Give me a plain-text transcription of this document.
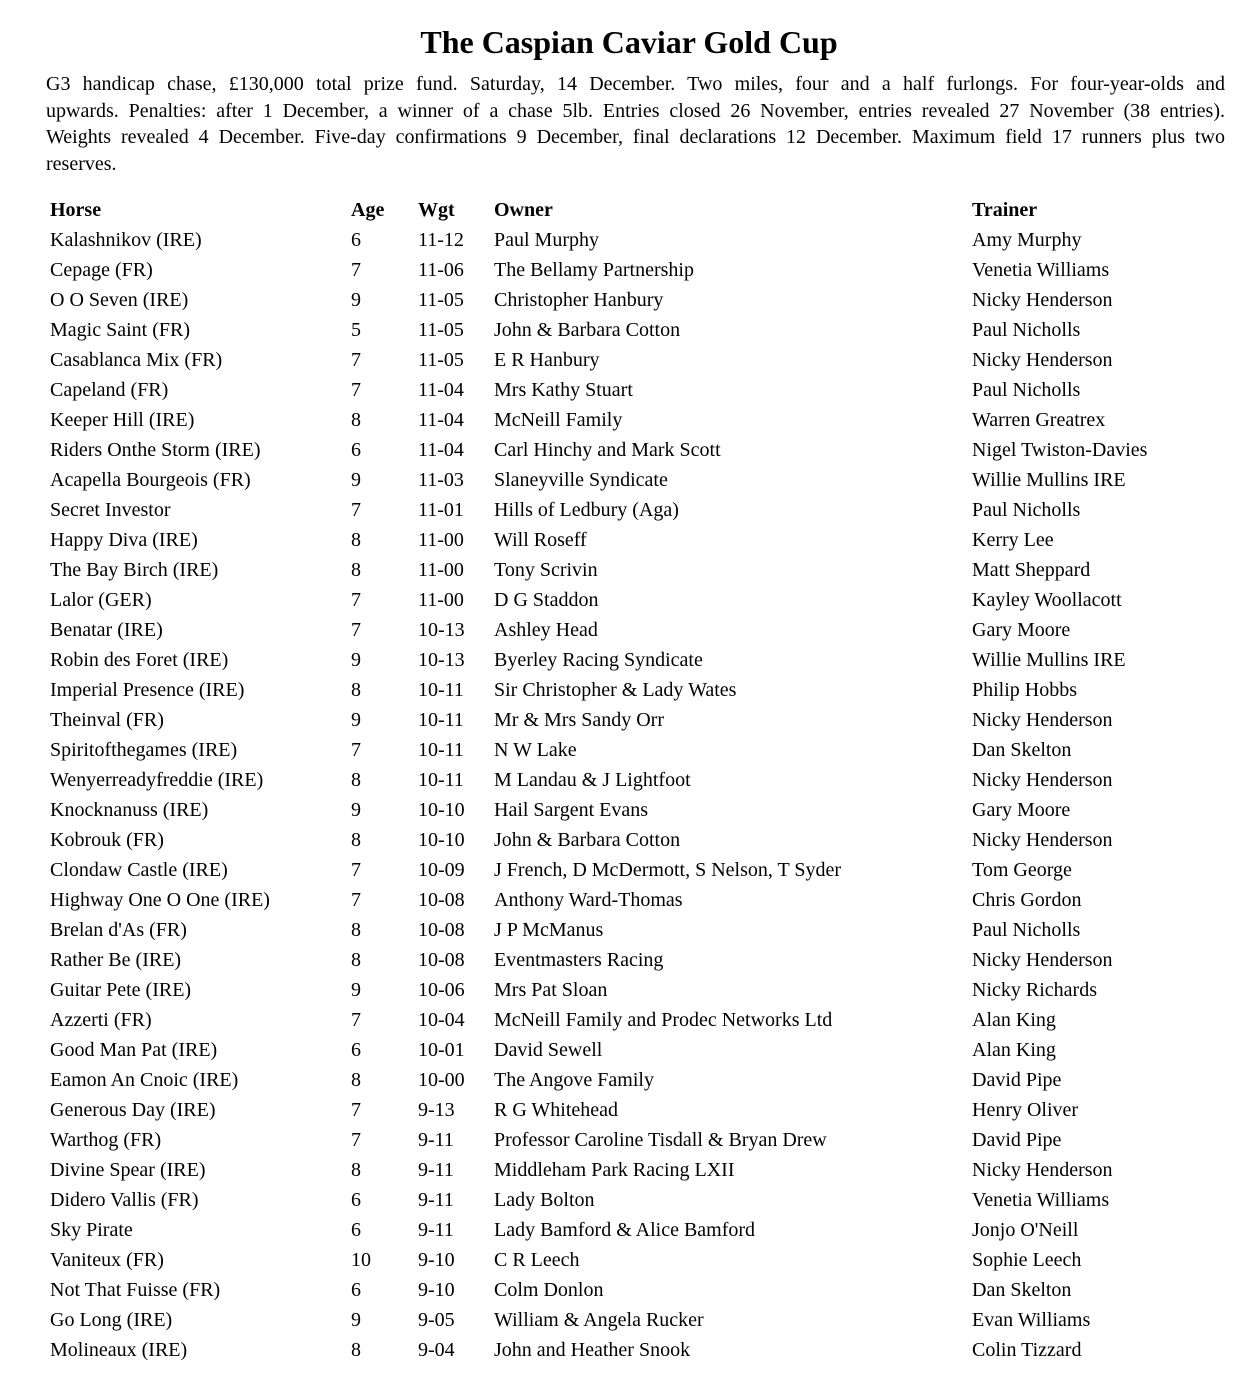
The Caspian Caviar Gold Cup
G3 handicap chase, £130,000 total prize fund. Saturday, 14 December. Two miles, four and a half furlongs. For four-year-olds and
upwards. Penalties: after 1 December, a winner of a chase 5lb. Entries closed 26 November, entries revealed 27 November (38 entries).
Weights revealed 4 December. Five-day confirmations 9 December, final declarations 12 December. Maximum field 17 runners plus two
reserves.
Horse	Age	Wgt	Owner	Trainer
Kalashnikov (IRE)	6	11-12	Paul Murphy	Amy Murphy
Cepage (FR)	7	11-06	The Bellamy Partnership	Venetia Williams
O O Seven (IRE)	9	11-05	Christopher Hanbury	Nicky Henderson
Magic Saint (FR)	5	11-05	John & Barbara Cotton	Paul Nicholls
Casablanca Mix (FR)	7	11-05	E R Hanbury	Nicky Henderson
Capeland (FR)	7	11-04	Mrs Kathy Stuart	Paul Nicholls
Keeper Hill (IRE)	8	11-04	McNeill Family	Warren Greatrex
Riders Onthe Storm (IRE)	6	11-04	Carl Hinchy and Mark Scott	Nigel Twiston-Davies
Acapella Bourgeois (FR)	9	11-03	Slaneyville Syndicate	Willie Mullins IRE
Secret Investor	7	11-01	Hills of Ledbury (Aga)	Paul Nicholls
Happy Diva (IRE)	8	11-00	Will Roseff	Kerry Lee
The Bay Birch (IRE)	8	11-00	Tony Scrivin	Matt Sheppard
Lalor (GER)	7	11-00	D G Staddon	Kayley Woollacott
Benatar (IRE)	7	10-13	Ashley Head	Gary Moore
Robin des Foret (IRE)	9	10-13	Byerley Racing Syndicate	Willie Mullins IRE
Imperial Presence (IRE)	8	10-11	Sir Christopher & Lady Wates	Philip Hobbs
Theinval (FR)	9	10-11	Mr & Mrs Sandy Orr	Nicky Henderson
Spiritofthegames (IRE)	7	10-11	N W Lake	Dan Skelton
Wenyerreadyfreddie (IRE)	8	10-11	M Landau & J Lightfoot	Nicky Henderson
Knocknanuss (IRE)	9	10-10	Hail Sargent Evans	Gary Moore
Kobrouk (FR)	8	10-10	John & Barbara Cotton	Nicky Henderson
Clondaw Castle (IRE)	7	10-09	J French, D McDermott, S Nelson, T Syder	Tom George
Highway One O One (IRE)	7	10-08	Anthony Ward-Thomas	Chris Gordon
Brelan d'As (FR)	8	10-08	J P McManus	Paul Nicholls
Rather Be (IRE)	8	10-08	Eventmasters Racing	Nicky Henderson
Guitar Pete (IRE)	9	10-06	Mrs Pat Sloan	Nicky Richards
Azzerti (FR)	7	10-04	McNeill Family and Prodec Networks Ltd	Alan King
Good Man Pat (IRE)	6	10-01	David Sewell	Alan King
Eamon An Cnoic (IRE)	8	10-00	The Angove Family	David Pipe
Generous Day (IRE)	7	9-13	R G Whitehead	Henry Oliver
Warthog (FR)	7	9-11	Professor Caroline Tisdall & Bryan Drew	David Pipe
Divine Spear (IRE)	8	9-11	Middleham Park Racing LXII	Nicky Henderson
Didero Vallis (FR)	6	9-11	Lady Bolton	Venetia Williams
Sky Pirate	6	9-11	Lady Bamford & Alice Bamford	Jonjo O'Neill
Vaniteux (FR)	10	9-10	C R Leech	Sophie Leech
Not That Fuisse (FR)	6	9-10	Colm Donlon	Dan Skelton
Go Long (IRE)	9	9-05	William & Angela Rucker	Evan Williams
Molineaux (IRE)	8	9-04	John and Heather Snook	Colin Tizzard
